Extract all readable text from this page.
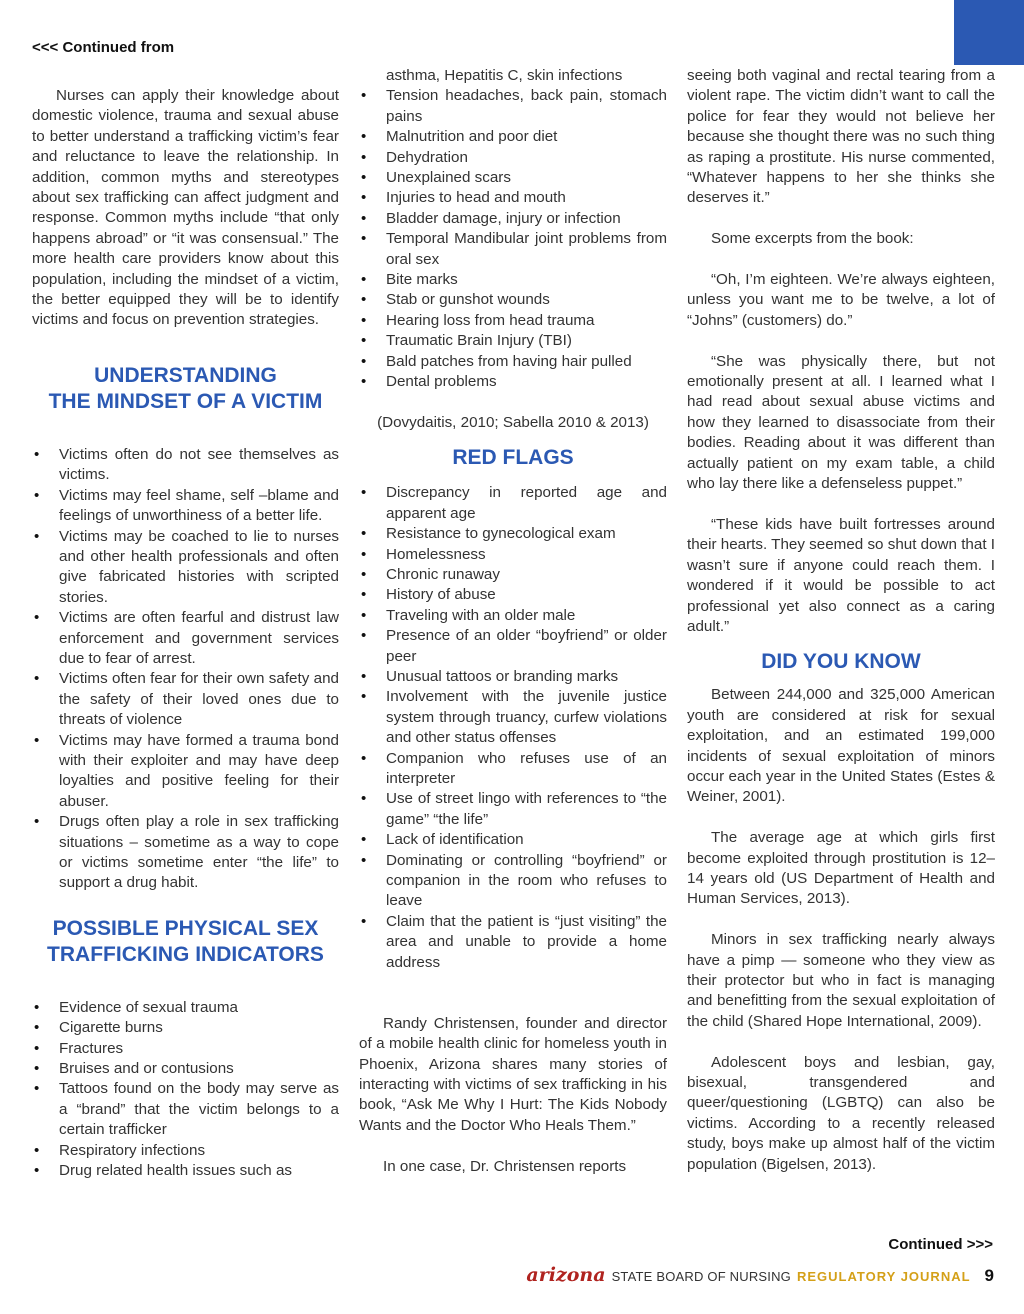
<<< Continued from

Nurses can apply their knowledge about domestic violence, trauma and sexual abuse to better understand a trafficking victim’s fear and reluctance to leave the relationship. In addition, common myths and stereotypes about sex trafficking can affect judgment and response. Common myths include “that only happens abroad” or “it was consensual.” The more health care providers know about this population, including the mindset of a victim, the better equipped they will be to identify victims and focus on prevention strategies.

UNDERSTANDING
THE MINDSET OF A VICTIM
• Victims often do not see themselves as victims.
• Victims may feel shame, self –blame and feelings of unworthiness of a better life.
• Victims may be coached to lie to nurses and other health professionals and often give fabricated histories with scripted stories.
• Victims are often fearful and distrust law enforcement and government services due to fear of arrest.
• Victims often fear for their own safety and the safety of their loved ones due to threats of violence
• Victims may have formed a trauma bond with their exploiter and may have deep loyalties and positive feeling for their abuser.
• Drugs often play a role in sex trafficking situations – sometime as a way to cope or victims sometime enter “the life” to support a drug habit.
POSSIBLE PHYSICAL SEX
TRAFFICKING INDICATORS
• Evidence of sexual trauma
• Cigarette burns
• Fractures
• Bruises and or contusions
• Tattoos found on the body may serve as a “brand” that the victim belongs to a certain trafficker
• Respiratory infections
• Drug related health issues such as

asthma, Hepatitis C, skin infections

• Tension headaches, back pain, stomach pains
• Malnutrition and poor diet
• Dehydration
• Unexplained scars
• Injuries to head and mouth
• Bladder damage, injury or infection
• Temporal Mandibular joint problems from oral sex
• Bite marks
• Stab or gunshot wounds
• Hearing loss from head trauma
• Traumatic Brain Injury (TBI)
• Bald patches from having hair pulled
• Dental problems

(Dovydaitis, 2010; Sabella 2010 & 2013)

RED FLAGS
• Discrepancy in reported age and apparent age
• Resistance to gynecological exam
• Homelessness
• Chronic runaway
• History of abuse
• Traveling with an older male
• Presence of an older “boyfriend” or older peer
• Unusual tattoos or branding marks
• Involvement with the juvenile justice system through truancy, curfew violations and other status offenses
• Companion who refuses use of an interpreter
• Use of street lingo with references to “the game” “the life”
• Lack of identification
• Dominating or controlling “boyfriend” or companion in the room who refuses to leave
• Claim that the patient is “just visiting” the area and unable to provide a home address

Randy Christensen, founder and director of a mobile health clinic for homeless youth in Phoenix, Arizona shares many stories of interacting with victims of sex trafficking in his book, “Ask Me Why I Hurt: The Kids Nobody Wants and the Doctor Who Heals Them.”

In one case, Dr. Christensen reports

seeing both vaginal and rectal tearing from a violent rape. The victim didn’t want to call the police for fear they would not believe her because she thought there was no such thing as raping a prostitute. His nurse commented, “Whatever happens to her she thinks she deserves it.”

Some excerpts from the book:

“Oh, I’m eighteen. We’re always eighteen, unless you want me to be twelve, a lot of “Johns” (customers) do.”

“She was physically there, but not emotionally present at all. I learned what I had read about sexual abuse victims and how they learned to disassociate from their bodies. Reading about it was different than actually patient on my exam table, a child who lay there like a defenseless puppet.”

“These kids have built fortresses around their hearts. They seemed so shut down that I wasn’t sure if anyone could reach them. I wondered if it would be possible to act professional yet also connect as a caring adult.”

DID YOU KNOW

Between 244,000 and 325,000 American youth are considered at risk for sexual exploitation, and an estimated 199,000 incidents of sexual exploitation of minors occur each year in the United States (Estes & Weiner, 2001).

The average age at which girls first become exploited through prostitution is 12–14 years old (US Department of Health and Human Services, 2013).

Minors in sex trafficking nearly always have a pimp — someone who they view as their protector but who in fact is managing and benefitting from the sexual exploitation of the child (Shared Hope International, 2009).

Adolescent boys and lesbian, gay, bisexual, transgendered and queer/questioning (LGBTQ) can also be victims. According to a recently released study, boys make up almost half of the victim population (Bigelsen, 2013).

Continued >>>
arizona STATE BOARD OF NURSING REGULATORY JOURNAL 9
